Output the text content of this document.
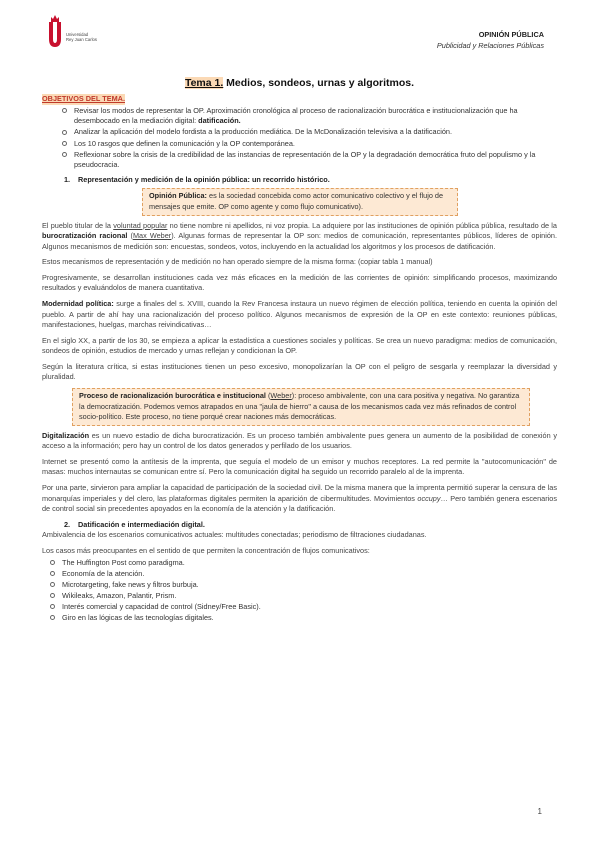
Universidad
Rey Juan Carlos
OPINIÓN PÚBLICA
Publicidad y Relaciones Públicas
Tema 1. Medios, sondeos, urnas y algoritmos.
OBJETIVOS DEL TEMA.
Revisar los modos de representar la OP. Aproximación cronológica al proceso de racionalización burocrática e institucionalización que ha desembocado en la mediación digital: datificación.
Analizar la aplicación del modelo fordista a la producción mediática. De la McDonalización televisiva a la datificación.
Los 10 rasgos que definen la comunicación y la OP contemporánea.
Reflexionar sobre la crisis de la credibilidad de las instancias de representación de la OP y la degradación democrática fruto del populismo y la pseudocracia.
1. Representación y medición de la opinión pública: un recorrido histórico.
Opinión Pública: es la sociedad concebida como actor comunicativo colectivo y el flujo de mensajes que emite. OP como agente y como flujo comunicativo).

El pueblo titular de la voluntad popular no tiene nombre ni apellidos, ni voz propia. La adquiere por las instituciones de opinión pública pública, resultado de la burocratización racional (Max Weber). Algunas formas de representar la OP son: medios de comunicación, representantes públicos, líderes de opinión. Algunos mecanismos de medición son: encuestas, sondeos, votos, incluyendo en la actualidad los algoritmos y los procesos de datificación.

Estos mecanismos de representación y de medición no han operado siempre de la misma forma: (copiar tabla 1 manual)

Progresivamente, se desarrollan instituciones cada vez más eficaces en la medición de las corrientes de opinión: simplificando procesos, maximizando resultados y evaluándolos de manera cuantitativa.

Modernidad política: surge a finales del s. XVIII, cuando la Rev Francesa instaura un nuevo régimen de elección política, teniendo en cuenta la opinión del pueblo. A partir de ahí hay una racionalización del proceso político. Algunos mecanismos de expresión de la OP en este contexto: reuniones públicas, manifestaciones, huelgas, marchas reivindicativas…

En el siglo XX, a partir de los 30, se empieza a aplicar la estadística a cuestiones sociales y políticas. Se crea un nuevo paradigma: medios de comunicación, sondeos de opinión, estudios de mercado y urnas reflejan y condicionan la OP.

Según la literatura crítica, si estas instituciones tienen un peso excesivo, monopolizarían la OP con el peligro de sesgarla y reemplazar la diversidad y pluralidad.

Proceso de racionalización burocrática e institucional (Weber): proceso ambivalente, con una cara positiva y negativa. No garantiza la democratización. Podemos vernos atrapados en una "jaula de hierro" a causa de los mecanismos cada vez más refinados de control socio-político. Este proceso, no tiene porqué crear naciones más democráticas.

Digitalización es un nuevo estadio de dicha burocratización. Es un proceso también ambivalente pues genera un aumento de la posibilidad de conexión y acceso a la información; pero hay un control de los datos generados y perfilado de los usuarios.

Internet se presentó como la antítesis de la imprenta, que seguía el modelo de un emisor y muchos receptores. La red permite la "autocomunicación" de masas: muchos internautas se comunican entre sí. Pero la comunicación digital ha seguido un recorrido paralelo al de la imprenta.

Por una parte, sirvieron para ampliar la capacidad de participación de la sociedad civil. De la misma manera que la imprenta permitió superar la censura de las monarquías imperiales y del clero, las plataformas digitales permiten la aparición de cibermultitudes. Movimientos occupy… Pero también genera escenarios de control social sin precedentes apoyados en la economía de la atención y la datificación.

2. Datificación e intermediación digital.

Ambivalencia de los escenarios comunicativos actuales: multitudes conectadas; periodismo de filtraciones ciudadanas.

Los casos más preocupantes en el sentido de que permiten la concentración de flujos comunicativos:

The Huffington Post como paradigma.
Economía de la atención.
Microtargeting, fake news y filtros burbuja.
Wikileaks, Amazon, Palantir, Prism.
Interés comercial y capacidad de control (Sidney/Free Basic).
Giro en las lógicas de las tecnologías digitales.
1
